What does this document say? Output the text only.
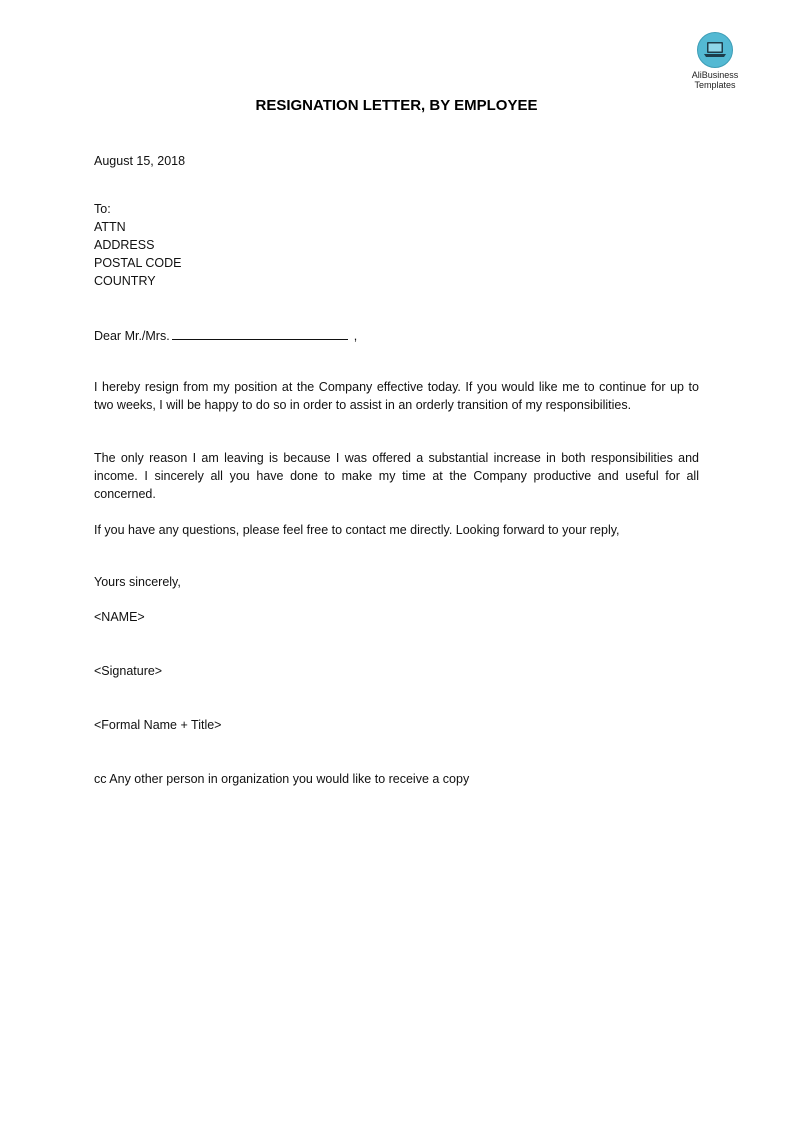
AliBusiness
Templates
RESIGNATION LETTER, BY EMPLOYEE
August 15, 2018
To:
ATTN
ADDRESS
POSTAL CODE
COUNTRY
Dear Mr./Mrs.	,
I hereby resign from my position at the Company effective today. If you would like me to continue for up to two weeks, I will be happy to do so in order to assist in an orderly transition of my responsibilities.
The only reason I am leaving is because I was offered a substantial increase in both responsibilities and income. I sincerely all you have done to make my time at the Company productive and useful for all concerned.
If you have any questions, please feel free to contact me directly. Looking forward to your reply,
Yours sincerely,
<NAME>
<Signature>
<Formal Name + Title>
cc Any other person in organization you would like to receive a copy
